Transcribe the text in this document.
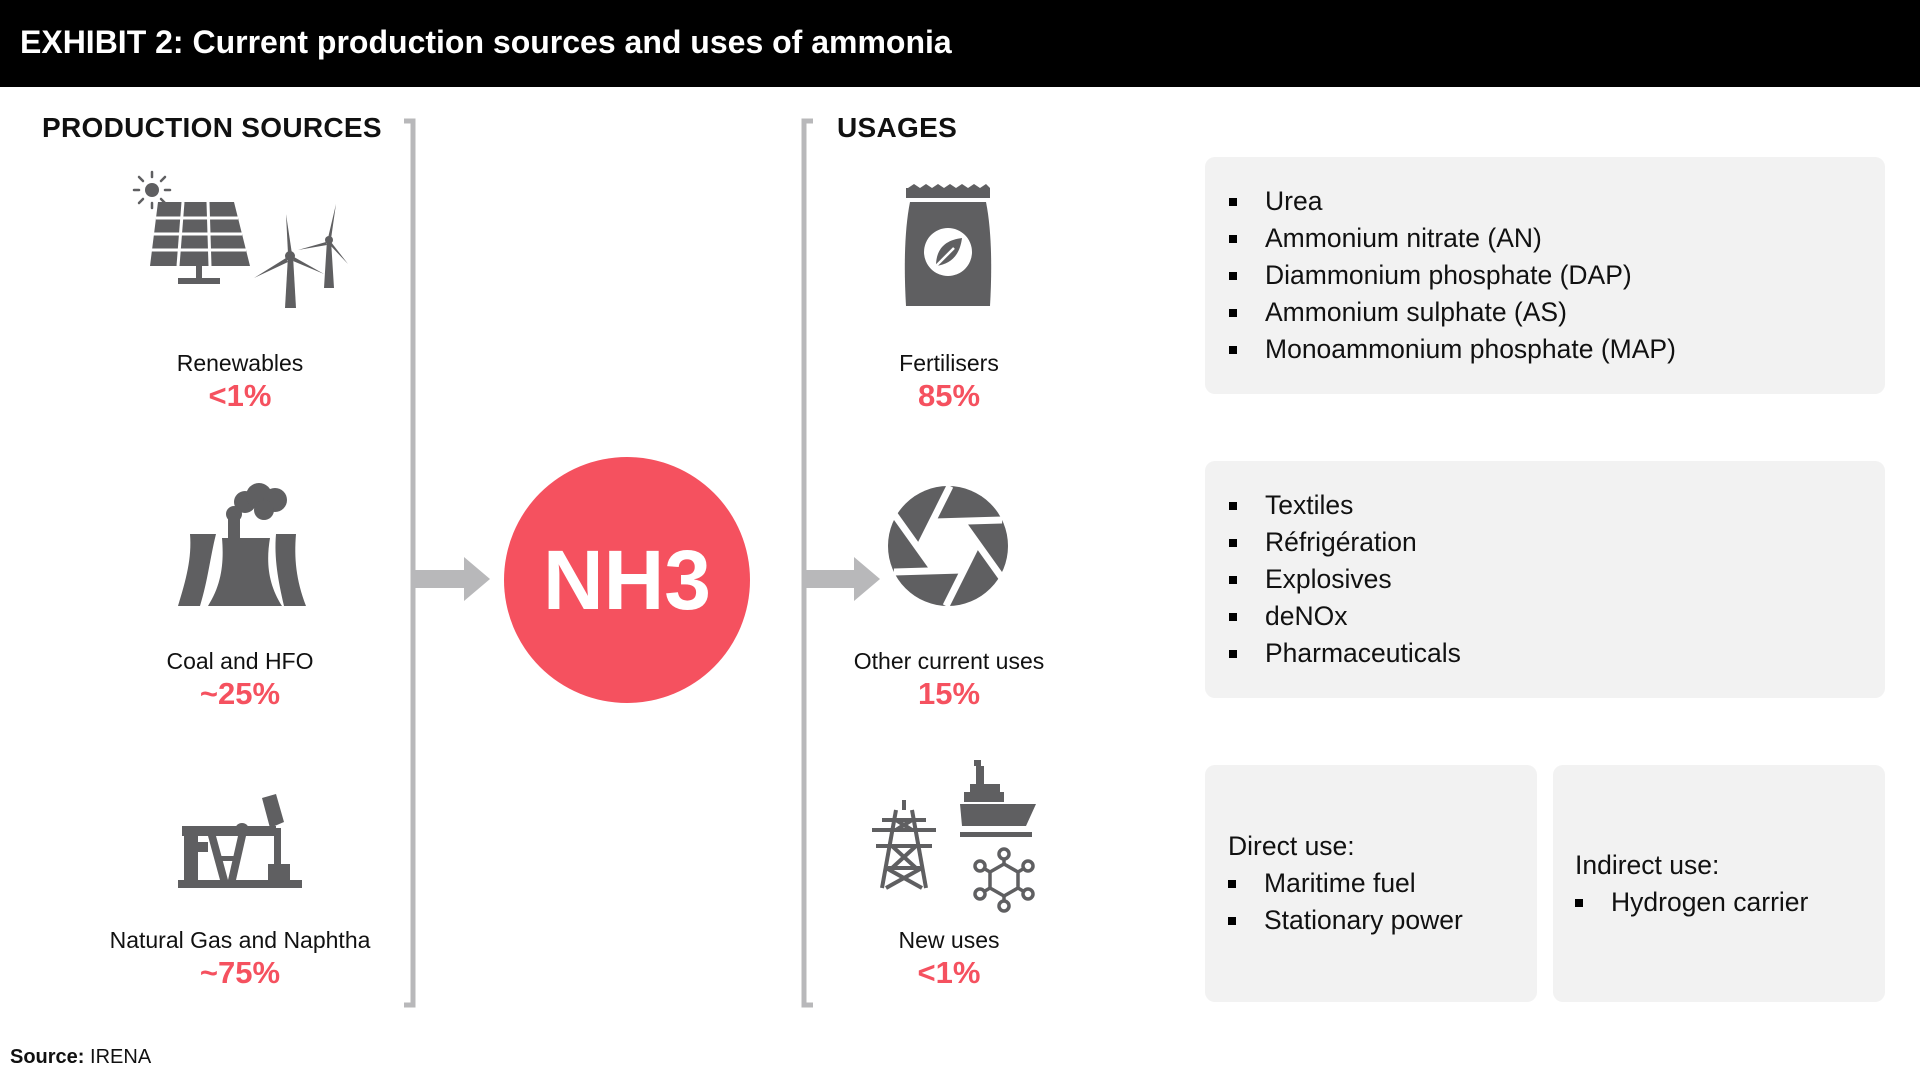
EXHIBIT 2: Current production sources and uses of ammonia
PRODUCTION SOURCES
Renewables
<1%
Coal and HFO
~25%
Natural Gas and Naphtha
~75%
NH3
USAGES
Fertilisers
85%
Other current uses
15%
New uses
<1%
Urea
Ammonium nitrate (AN)
Diammonium phosphate (DAP)
Ammonium sulphate (AS)
Monoammonium phosphate (MAP)
Textiles
Réfrigération
Explosives
deNOx
Pharmaceuticals
Direct use:
Maritime fuel
Stationary power
Indirect use:
Hydrogen carrier
Source: IRENA
